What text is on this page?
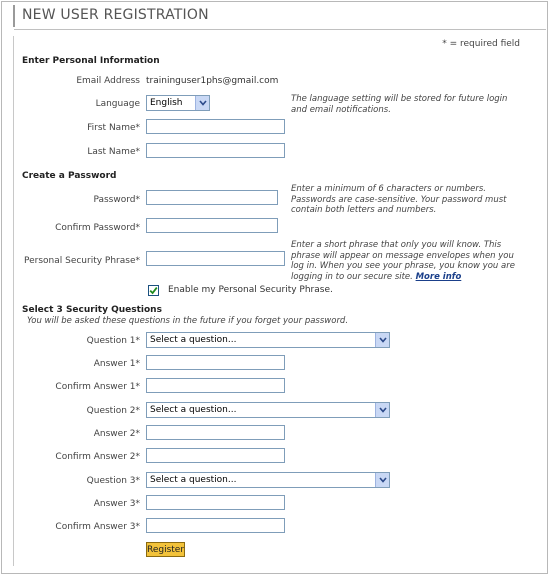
NEW USER REGISTRATION
* = required field
Enter Personal Information
Email Address traininguser1phs@gmail.com
Language English	The language setting will be stored for future login and email notifications.
First Name*
Last Name*
Create a Password
Password*
Enter a minimum of 6 characters or numbers. Passwords are case-sensitive. Your password must contain both letters and numbers.
Confirm Password*
Personal Security Phrase*
Enter a short phrase that only you will know. This phrase will appear on message envelopes when you log in. When you see your phrase, you know you are logging in to our secure site. More info
Enable my Personal Security Phrase.
Select 3 Security Questions
You will be asked these questions in the future if you forget your password.
Question 1* Select a question...
Answer 1*
Confirm Answer 1*
Question 2* Select a question...
Answer 2*
Confirm Answer 2*
Question 3* Select a question...
Answer 3*
Confirm Answer 3*
Register
